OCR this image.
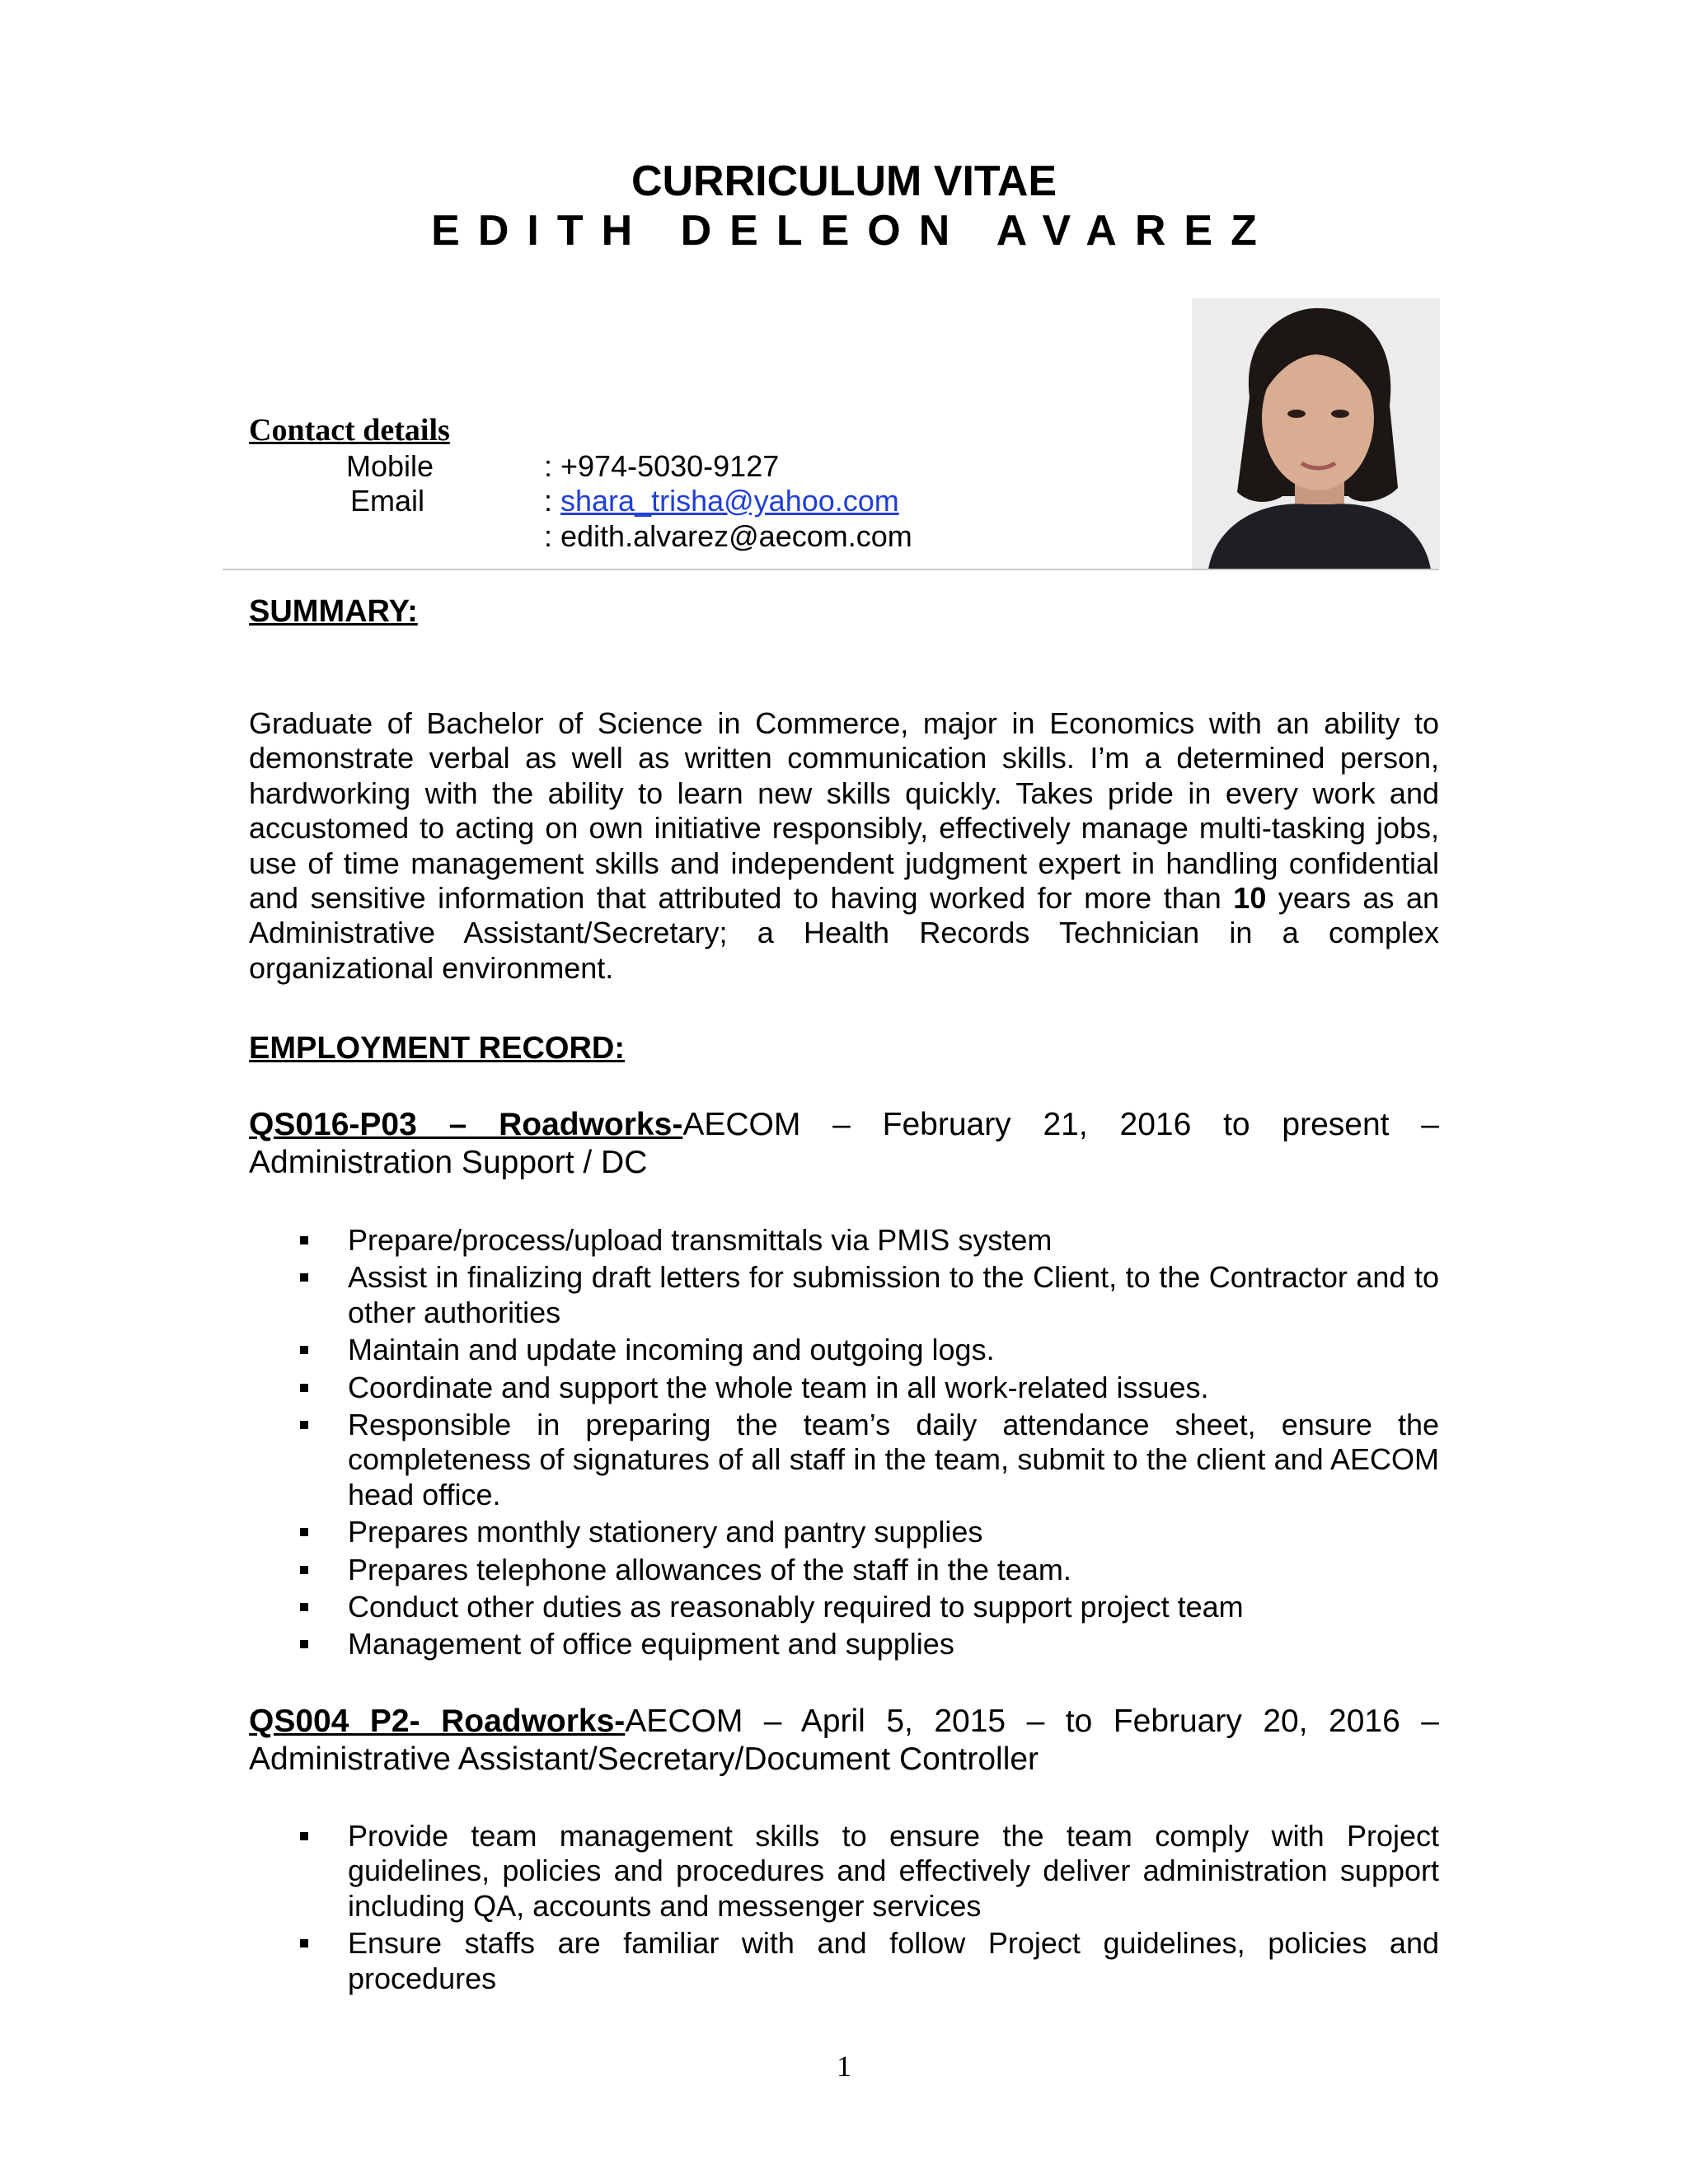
CURRICULUM VITAE
EDITH DELEON AVAREZ
Contact details
Mobile	: +974-5030-9127
Email	: shara_trisha@yahoo.com
: edith.alvarez@aecom.com
SUMMARY:
Graduate of Bachelor of Science in Commerce, major in Economics with an ability to demonstrate verbal as well as written communication skills. I’m a determined person, hardworking with the ability to learn new skills quickly. Takes pride in every work and accustomed to acting on own initiative responsibly, effectively manage multi-tasking jobs, use of time management skills and independent judgment expert in handling confidential and sensitive information that attributed to having worked for more than 10 years as an Administrative Assistant/Secretary; a Health Records Technician in a complex organizational environment.
EMPLOYMENT RECORD:
QS016-P03 – Roadworks-AECOM – February 21, 2016 to present – Administration Support / DC
Prepare/process/upload transmittals via PMIS system
Assist in finalizing draft letters for submission to the Client, to the Contractor and to other authorities
Maintain and update incoming and outgoing logs.
Coordinate and support the whole team in all work-related issues.
Responsible in preparing the team’s daily attendance sheet, ensure the completeness of signatures of all staff in the team, submit to the client and AECOM head office.
Prepares monthly stationery and pantry supplies
Prepares telephone allowances of the staff in the team.
Conduct other duties as reasonably required to support project team
Management of office equipment and supplies
QS004 P2- Roadworks-AECOM – April 5, 2015 – to February 20, 2016 – Administrative Assistant/Secretary/Document Controller
Provide team management skills to ensure the team comply with Project guidelines, policies and procedures and effectively deliver administration support including QA, accounts and messenger services
Ensure staffs are familiar with and follow Project guidelines, policies and procedures
1
